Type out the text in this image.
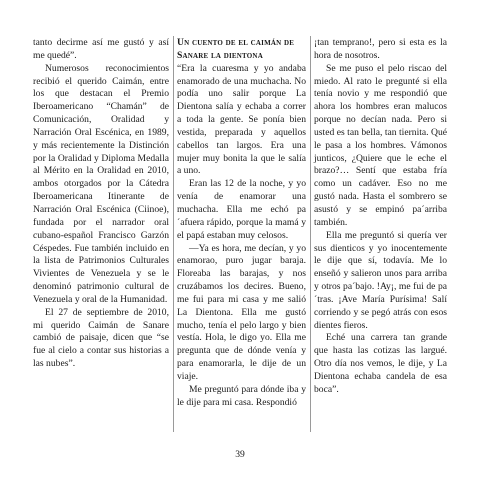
tanto decirme así me gustó y así me quedé”.

Numerosos reconocimientos recibió el querido Caimán, entre los que destacan el Premio Iberoamericano “Chamán” de Comunicación, Oralidad y Narración Oral Escénica, en 1989, y más recientemente la Distinción por la Oralidad y Diploma Medalla al Mérito en la Oralidad en 2010, ambos otorgados por la Cátedra Iberoamericana Itinerante de Narración Oral Escénica (Ciinoe), fundada por el narrador oral cubano-español Francisco Garzón Céspedes. Fue también incluido en la lista de Patrimonios Culturales Vivientes de Venezuela y se le denominó patrimonio cultural de Venezuela y oral de la Humanidad.

El 27 de septiembre de 2010, mi querido Caimán de Sanare cambió de paisaje, dicen que “se fue al cielo a contar sus historias a las nubes”.

Un cuento de el caimán de Sanare la dientona

“Era la cuaresma y yo andaba enamorado de una muchacha. No podía uno salir porque La Dientona salía y echaba a correr a toda la gente. Se ponía bien vestida, preparada y aquellos cabellos tan largos. Era una mujer muy bonita la que le salía a uno.

Eran las 12 de la noche, y yo venía de enamorar una muchacha. Ella me echó pa´afuera rápido, porque la mamá y el papá estaban muy celosos.

—Ya es hora, me decían, y yo enamorao, puro jugar baraja. Floreaba las barajas, y nos cruzábamos los decires. Bueno, me fui para mi casa y me salió La Dientona. Ella me gustó mucho, tenía el pelo largo y bien vestía. Hola, le digo yo. Ella me pregunta que de dónde venía y para enamorarla, le dije de un viaje.

Me preguntó para dónde iba y le dije para mi casa. Respondió

¡tan temprano!, pero si esta es la hora de nosotros.

Se me puso el pelo riscao del miedo. Al rato le pregunté si ella tenía novio y me respondió que ahora los hombres eran malucos porque no decían nada. Pero si usted es tan bella, tan tiernita. Qué le pasa a los hombres. Vámonos junticos, ¿Quiere que le eche el brazo?… Sentí que estaba fría como un cadáver. Eso no me gustó nada. Hasta el sombrero se asustó y se empinó pa´arriba también.

Ella me preguntó si quería ver sus dienticos y yo inocentemente le dije que sí, todavía. Me lo enseñó y salieron unos para arriba y otros pa´bajo. !Ay¡, me fui de pa´tras. ¡Ave María Purísima! Salí corriendo y se pegó atrás con esos dientes fieros.

Eché una carrera tan grande que hasta las cotizas las largué. Otro día nos vemos, le dije, y La Dientona echaba candela de esa boca”.

39
